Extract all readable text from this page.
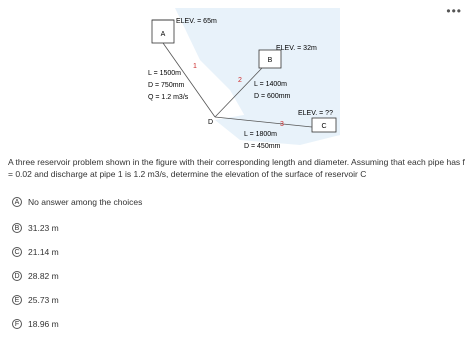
•••
A
ELEV. = 65m
B
ELEV. = 32m
C
ELEV. = ??
D
1
L = 1500m
D = 750mm
Q = 1.2 m3/s
2
L = 1400m
D = 600mm
3
L = 1800m
D = 450mm
A three reservoir problem shown in the figure with their corresponding length and diameter. Assuming that each pipe has f = 0.02 and discharge at pipe 1 is 1.2 m3/s, determine the elevation of the surface of reservoir C
A	No answer among the choices
B	31.23 m
C 21.14 m
D 28.82 m
E	25.73 m
F	18.96 m
